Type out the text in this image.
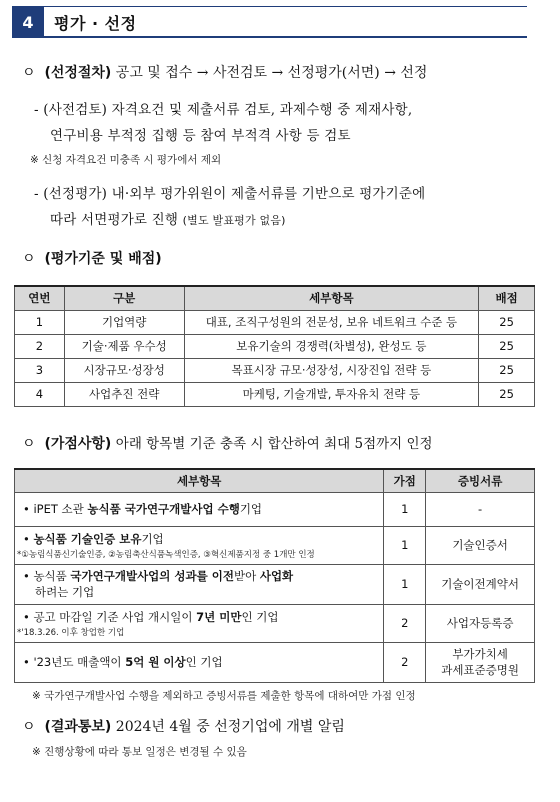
4	평가 · 선정
ㅇ (선정절차) 공고 및 접수 → 사전검토 → 선정평가(서면) → 선정
- (사전검토) 자격요건 및 제출서류 검토, 과제수행 중 제재사항,
연구비용 부적정 집행 등 참여 부적격 사항 등 검토
※ 신청 자격요건 미충족 시 평가에서 제외
- (선정평가) 내·외부 평가위원이 제출서류를 기반으로 평가기준에
따라 서면평가로 진행 (별도 발표평가 없음)
ㅇ (평가기준 및 배점)
연번	구분	세부항목	배점
1	기업역량	대표, 조직구성원의 전문성, 보유 네트워크 수준 등	25
2	기술·제품 우수성	보유기술의 경쟁력(차별성), 완성도 등	25
3	시장규모·성장성	목표시장 규모·성장성, 시장진입 전략 등	25
4	사업추진 전략	마케팅, 기술개발, 투자유치 전략 등	25
ㅇ (가점사항) 아래 항목별 기준 충족 시 합산하여 최대 5점까지 인정
세부항목	가점	증빙서류
• iPET 소관 농식품 국가연구개발사업 수행기업	1	-
• 농식품 기술인증 보유기업
*①농림식품신기술인증, ②농림축산식품녹색인증, ③혁신제품지정 중 1개만 인정	1	기술인증서
• 농식품 국가연구개발사업의 성과를 이전받아 사업화
하려는 기업	1	기술이전계약서
• 공고 마감일 기준 사업 개시일이 7년 미만인 기업
*'18.3.26. 이후 창업한 기업	2	사업자등록증
• '23년도 매출액이 5억 원 이상인 기업	2	부가가치세
과세표준증명원
※ 국가연구개발사업 수행을 제외하고 증빙서류를 제출한 항목에 대하여만 가점 인정
ㅇ (결과통보) 2024년 4월 중 선정기업에 개별 알림
※ 진행상황에 따라 통보 일정은 변경될 수 있음
